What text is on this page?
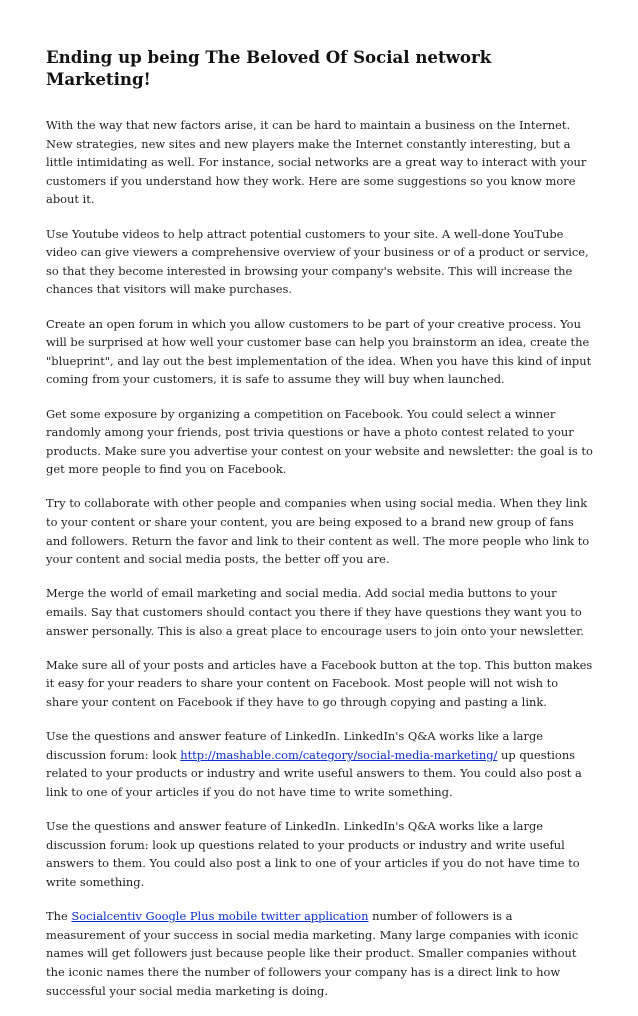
Ending up being The Beloved Of Social network Marketing!

With the way that new factors arise, it can be hard to maintain a business on the Internet. New strategies, new sites and new players make the Internet constantly interesting, but a little intimidating as well. For instance, social networks are a great way to interact with your customers if you understand how they work. Here are some suggestions so you know more about it.

Use Youtube videos to help attract potential customers to your site. A well-done YouTube video can give viewers a comprehensive overview of your business or of a product or service, so that they become interested in browsing your company's website. This will increase the chances that visitors will make purchases.

Create an open forum in which you allow customers to be part of your creative process. You will be surprised at how well your customer base can help you brainstorm an idea, create the "blueprint", and lay out the best implementation of the idea. When you have this kind of input coming from your customers, it is safe to assume they will buy when launched.

Get some exposure by organizing a competition on Facebook. You could select a winner randomly among your friends, post trivia questions or have a photo contest related to your products. Make sure you advertise your contest on your website and newsletter: the goal is to get more people to find you on Facebook.

Try to collaborate with other people and companies when using social media. When they link to your content or share your content, you are being exposed to a brand new group of fans and followers. Return the favor and link to their content as well. The more people who link to your content and social media posts, the better off you are.

Merge the world of email marketing and social media. Add social media buttons to your emails. Say that customers should contact you there if they have questions they want you to answer personally. This is also a great place to encourage users to join onto your newsletter.

Make sure all of your posts and articles have a Facebook button at the top. This button makes it easy for your readers to share your content on Facebook. Most people will not wish to share your content on Facebook if they have to go through copying and pasting a link.

Use the questions and answer feature of LinkedIn. LinkedIn's Q&A works like a large discussion forum: look http://mashable.com/category/social-media-marketing/ up questions related to your products or industry and write useful answers to them. You could also post a link to one of your articles if you do not have time to write something.

Use the questions and answer feature of LinkedIn. LinkedIn's Q&A works like a large discussion forum: look up questions related to your products or industry and write useful answers to them. You could also post a link to one of your articles if you do not have time to write something.

The Socialcentiv Google Plus mobile twitter application number of followers is a measurement of your success in social media marketing. Many large companies with iconic names will get followers just because people like their product. Smaller companies without the iconic names there the number of followers your company has is a direct link to how successful your social media marketing is doing.
